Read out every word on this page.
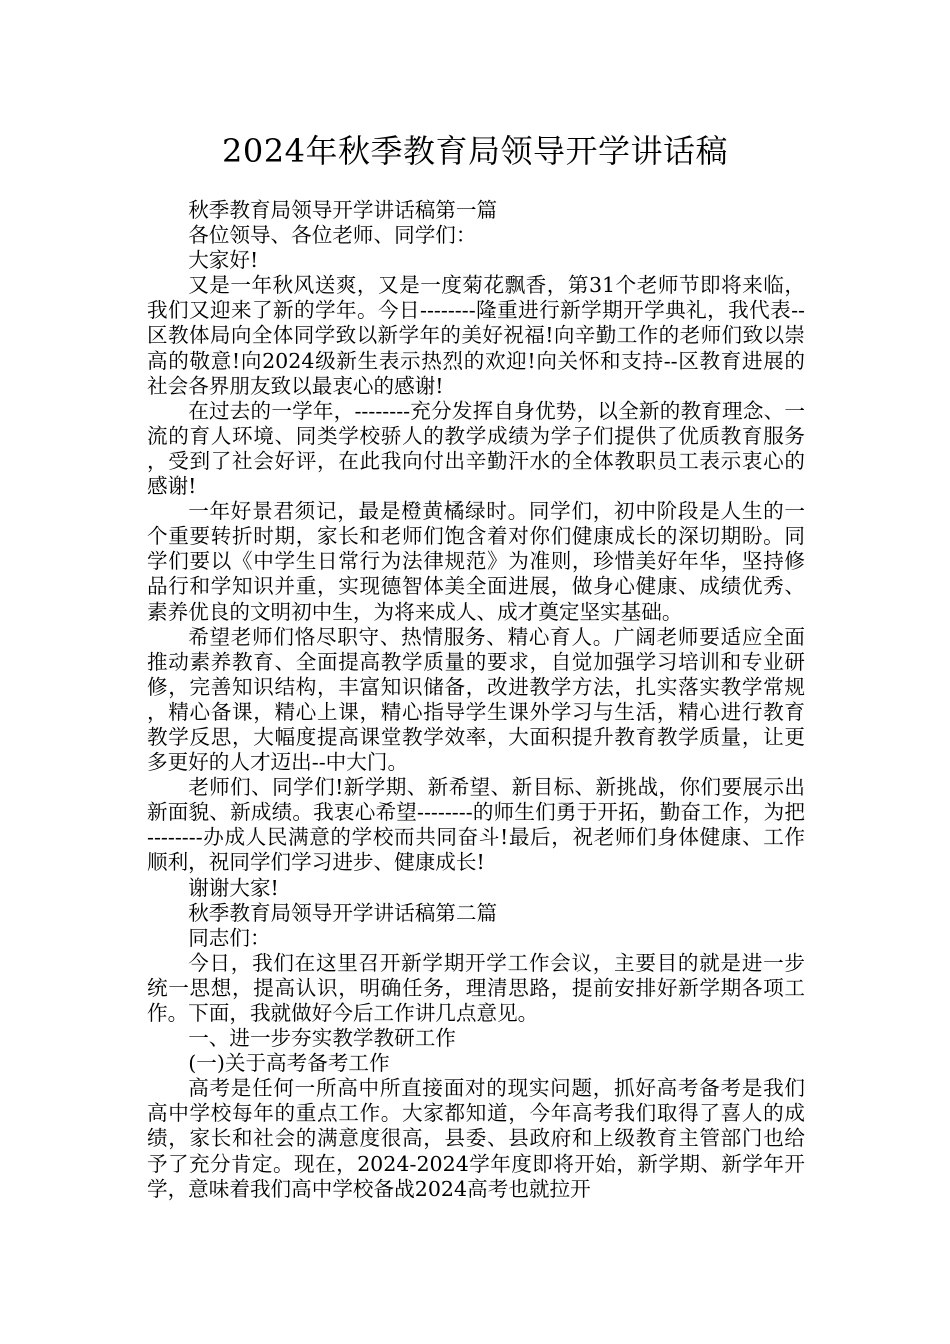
2024年秋季教育局领导开学讲话稿

秋季教育局领导开学讲话稿第一篇

各位领导、各位老师、同学们：

大家好!

又是一年秋风送爽，又是一度菊花飘香，第31个老师节即将来临，我们又迎来了新的学年。今日--------隆重进行新学期开学典礼，我代表--区教体局向全体同学致以新学年的美好祝福!向辛勤工作的老师们致以崇高的敬意!向2024级新生表示热烈的欢迎!向关怀和支持--区教育进展的社会各界朋友致以最衷心的感谢!

在过去的一学年，--------充分发挥自身优势，以全新的教育理念、一流的育人环境、同类学校骄人的教学成绩为学子们提供了优质教育服务，受到了社会好评，在此我向付出辛勤汗水的全体教职员工表示衷心的感谢!

一年好景君须记，最是橙黄橘绿时。同学们，初中阶段是人生的一个重要转折时期，家长和老师们饱含着对你们健康成长的深切期盼。同学们要以《中学生日常行为法律规范》为准则，珍惜美好年华，坚持修品行和学知识并重，实现德智体美全面进展，做身心健康、成绩优秀、素养优良的文明初中生，为将来成人、成才奠定坚实基础。

希望老师们恪尽职守、热情服务、精心育人。广阔老师要适应全面推动素养教育、全面提高教学质量的要求，自觉加强学习培训和专业研修，完善知识结构，丰富知识储备，改进教学方法，扎实落实教学常规，精心备课，精心上课，精心指导学生课外学习与生活，精心进行教育教学反思，大幅度提高课堂教学效率，大面积提升教育教学质量，让更多更好的人才迈出--中大门。

老师们、同学们!新学期、新希望、新目标、新挑战，你们要展示出新面貌、新成绩。我衷心希望--------的师生们勇于开拓，勤奋工作，为把--------办成人民满意的学校而共同奋斗!最后，祝老师们身体健康、工作顺利，祝同学们学习进步、健康成长!

谢谢大家!

秋季教育局领导开学讲话稿第二篇

同志们：

今日，我们在这里召开新学期开学工作会议，主要目的就是进一步统一思想，提高认识，明确任务，理清思路，提前安排好新学期各项工作。下面，我就做好今后工作讲几点意见。

一、进一步夯实教学教研工作

(一)关于高考备考工作

高考是任何一所高中所直接面对的现实问题，抓好高考备考是我们高中学校每年的重点工作。大家都知道，今年高考我们取得了喜人的成绩，家长和社会的满意度很高，县委、县政府和上级教育主管部门也给予了充分肯定。现在，2024-2024学年度即将开始，新学期、新学年开学，意味着我们高中学校备战2024高考也就拉开
